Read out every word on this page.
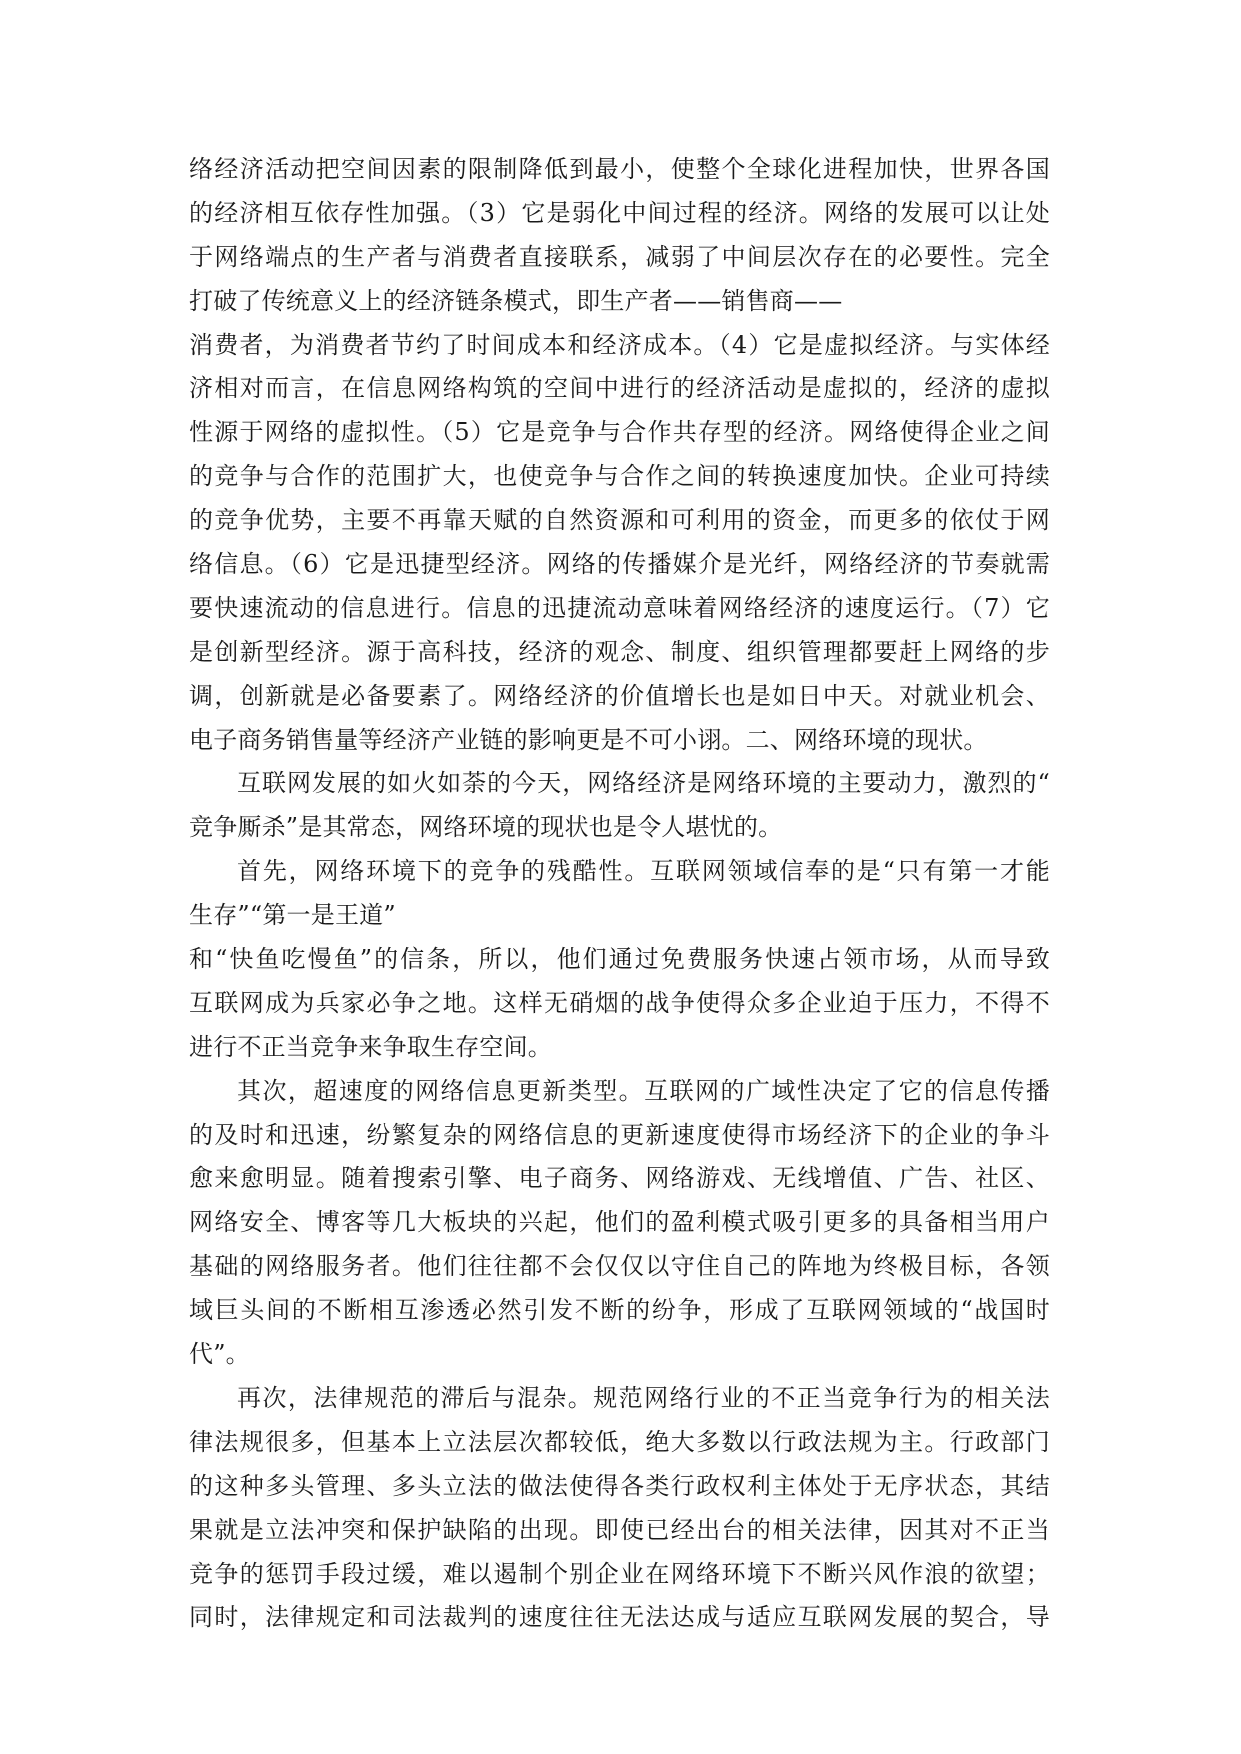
络经济活动把空间因素的限制降低到最小，使整个全球化进程加快，世界各国
的经济相互依存性加强。（3）它是弱化中间过程的经济。网络的发展可以让处
于网络端点的生产者与消费者直接联系，减弱了中间层次存在的必要性。完全
打破了传统意义上的经济链条模式，即生产者——销售商——
消费者，为消费者节约了时间成本和经济成本。（4）它是虚拟经济。与实体经
济相对而言，在信息网络构筑的空间中进行的经济活动是虚拟的，经济的虚拟
性源于网络的虚拟性。（5）它是竞争与合作共存型的经济。网络使得企业之间
的竞争与合作的范围扩大，也使竞争与合作之间的转换速度加快。企业可持续
的竞争优势，主要不再靠天赋的自然资源和可利用的资金，而更多的依仗于网
络信息。（6）它是迅捷型经济。网络的传播媒介是光纤，网络经济的节奏就需
要快速流动的信息进行。信息的迅捷流动意味着网络经济的速度运行。（7）它
是创新型经济。源于高科技，经济的观念、制度、组织管理都要赶上网络的步
调，创新就是必备要素了。网络经济的价值增长也是如日中天。对就业机会、
电子商务销售量等经济产业链的影响更是不可小诩。二、网络环境的现状。
互联网发展的如火如荼的今天，网络经济是网络环境的主要动力，激烈的“
竞争厮杀”是其常态，网络环境的现状也是令人堪忧的。
首先，网络环境下的竞争的残酷性。互联网领域信奉的是“只有第一才能
生存”“第一是王道”
和“快鱼吃慢鱼”的信条，所以，他们通过免费服务快速占领市场，从而导致
互联网成为兵家必争之地。这样无硝烟的战争使得众多企业迫于压力，不得不
进行不正当竞争来争取生存空间。
其次，超速度的网络信息更新类型。互联网的广域性决定了它的信息传播
的及时和迅速，纷繁复杂的网络信息的更新速度使得市场经济下的企业的争斗
愈来愈明显。随着搜索引擎、电子商务、网络游戏、无线增值、广告、社区、
网络安全、博客等几大板块的兴起，他们的盈利模式吸引更多的具备相当用户
基础的网络服务者。他们往往都不会仅仅以守住自己的阵地为终极目标，各领
域巨头间的不断相互渗透必然引发不断的纷争，形成了互联网领域的“战国时
代”。
再次，法律规范的滞后与混杂。规范网络行业的不正当竞争行为的相关法
律法规很多，但基本上立法层次都较低，绝大多数以行政法规为主。行政部门
的这种多头管理、多头立法的做法使得各类行政权利主体处于无序状态，其结
果就是立法冲突和保护缺陷的出现。即使已经出台的相关法律，因其对不正当
竞争的惩罚手段过缓，难以遏制个别企业在网络环境下不断兴风作浪的欲望；
同时，法律规定和司法裁判的速度往往无法达成与适应互联网发展的契合，导
